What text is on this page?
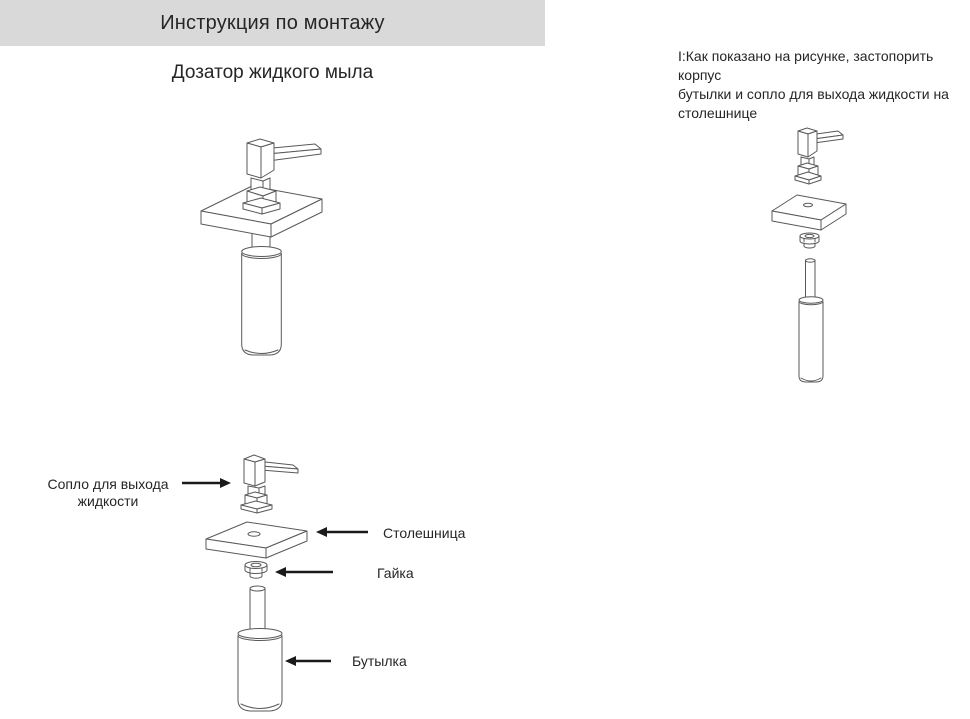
Инструкция по монтажу
Дозатор жидкого мыла
I:Как показано на рисунке, застопорить корпус
бутылки и сопло для выхода жидкости на
столешнице
Сопло для выхода
жидкости
Столешница
Гайка
Бутылка
